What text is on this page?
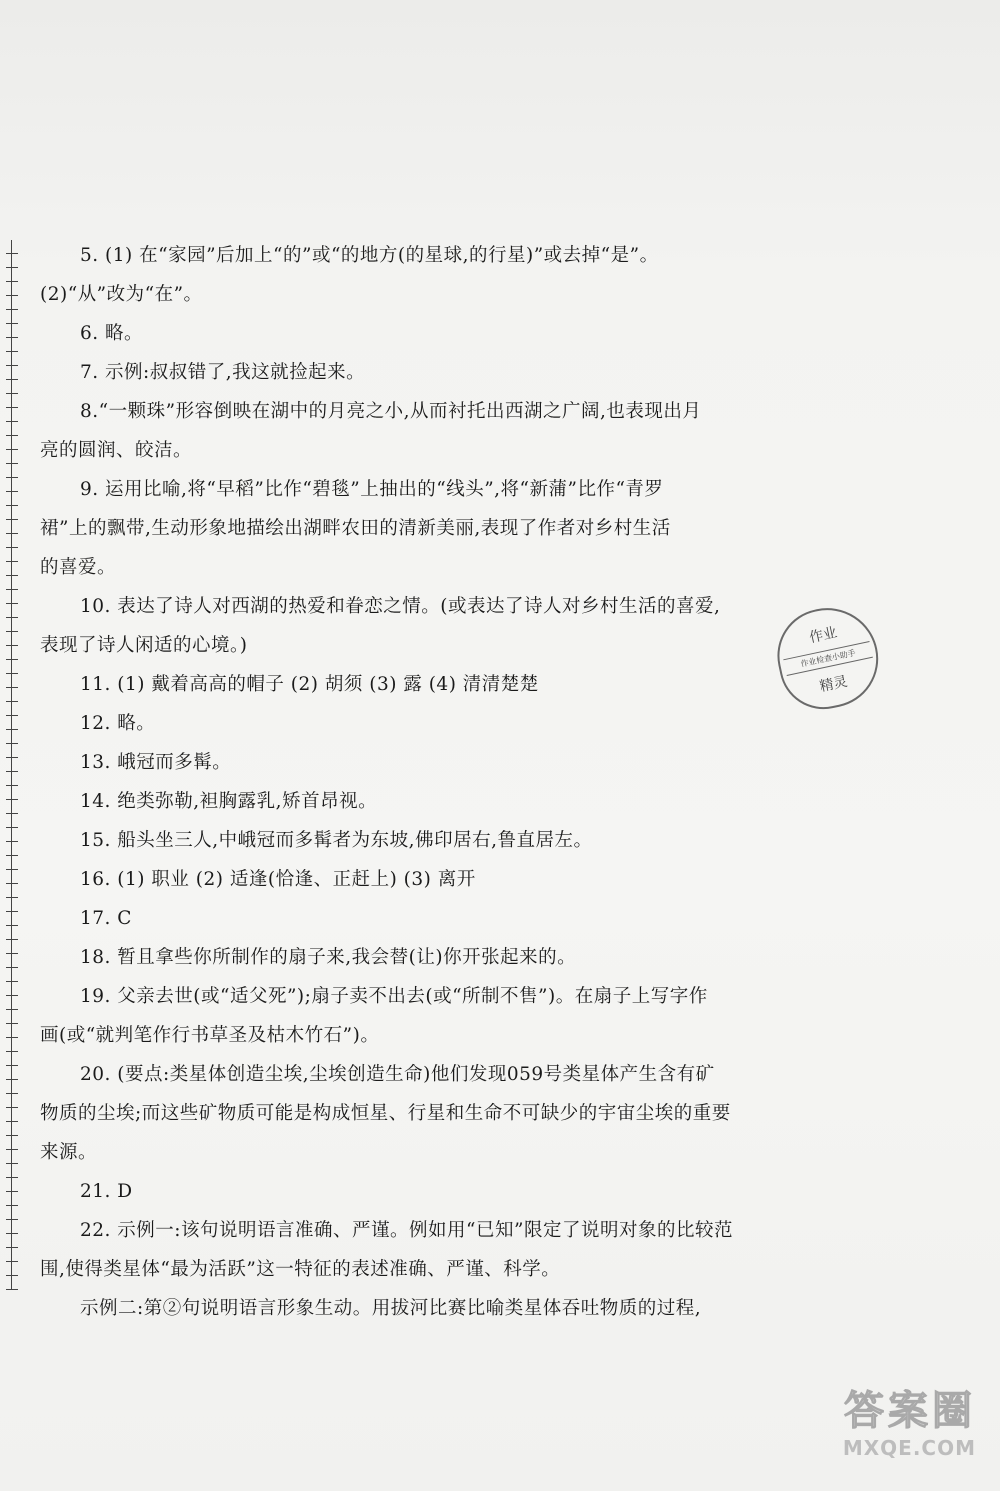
5. (1) 在“家园”后加上“的”或“的地方(的星球,的行星)”或去掉“是”。

(2)“从”改为“在”。

6. 略。

7. 示例:叔叔错了,我这就捡起来。

8.“一颗珠”形容倒映在湖中的月亮之小,从而衬托出西湖之广阔,也表现出月

亮的圆润、皎洁。

9. 运用比喻,将“早稻”比作“碧毯”上抽出的“线头”,将“新蒲”比作“青罗

裙”上的飘带,生动形象地描绘出湖畔农田的清新美丽,表现了作者对乡村生活

的喜爱。

10. 表达了诗人对西湖的热爱和眷恋之情。(或表达了诗人对乡村生活的喜爱,

表现了诗人闲适的心境。)

11. (1) 戴着高高的帽子 (2) 胡须 (3) 露 (4) 清清楚楚

12. 略。

13. 峨冠而多髯。

14. 绝类弥勒,袒胸露乳,矫首昂视。

15. 船头坐三人,中峨冠而多髯者为东坡,佛印居右,鲁直居左。

16. (1) 职业 (2) 适逢(恰逢、正赶上) (3) 离开

17. C

18. 暂且拿些你所制作的扇子来,我会替(让)你开张起来的。

19. 父亲去世(或“适父死”);扇子卖不出去(或“所制不售”)。在扇子上写字作

画(或“就判笔作行书草圣及枯木竹石”)。

20. (要点:类星体创造尘埃,尘埃创造生命)他们发现059号类星体产生含有矿

物质的尘埃;而这些矿物质可能是构成恒星、行星和生命不可缺少的宇宙尘埃的重要

来源。

21. D

22. 示例一:该句说明语言准确、严谨。例如用“已知”限定了说明对象的比较范

围,使得类星体“最为活跃”这一特征的表述准确、严谨、科学。

示例二:第②句说明语言形象生动。用拔河比赛比喻类星体吞吐物质的过程,

作业
作业检查小助手
精灵
答案圈
MXQE.COM
